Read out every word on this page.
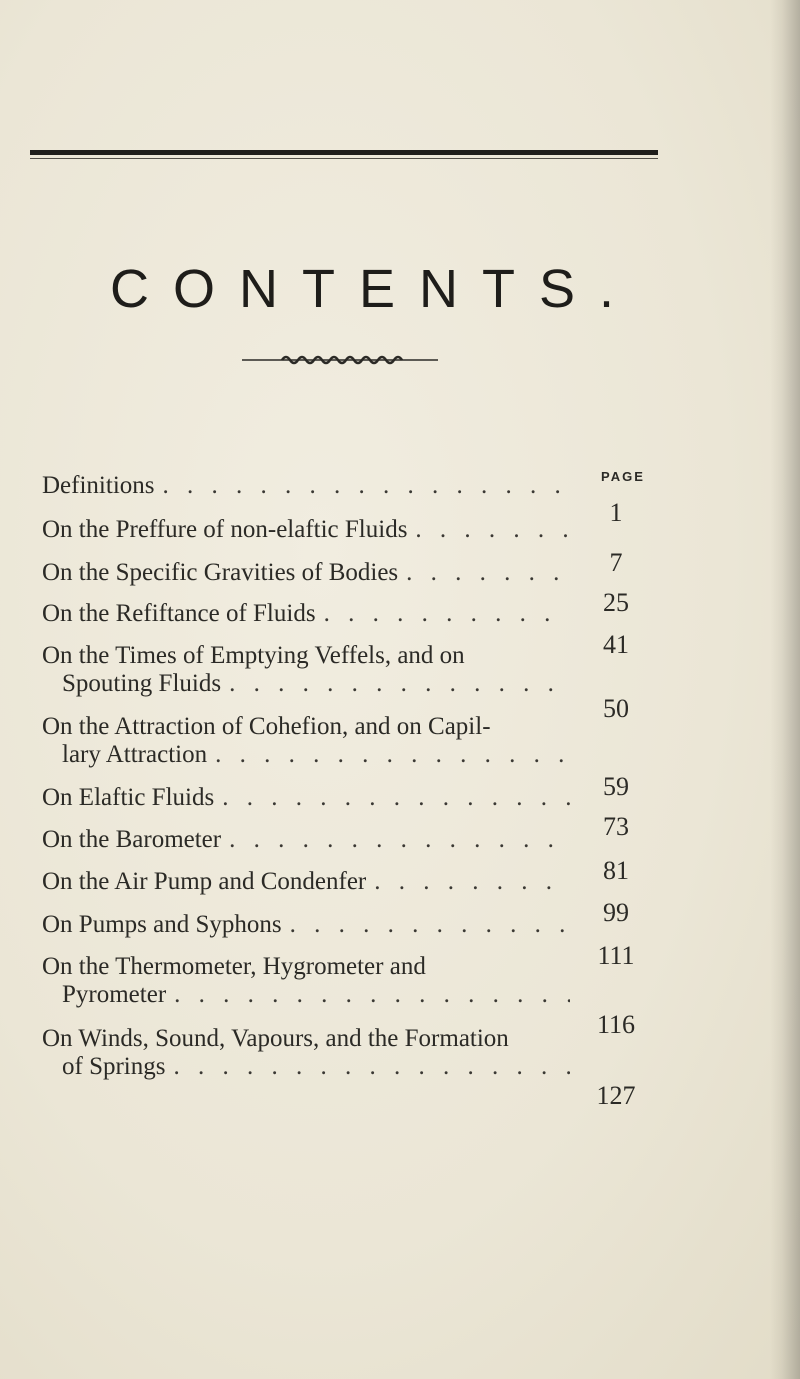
CONTENTS.
PAGE
Definitions
. . .
1
On the Preffure of non-elaftic Fluids
. . .
7
On the Specific Gravities of Bodies
. . .
25
On the Refiftance of Fluids
. . .
41
On the Times of Emptying Veffels, and on
Spouting Fluids
. . .
50
On the Attraction of Cohefion, and on Capil-
lary Attraction
. . .
59
On Elaftic Fluids
. . .
73
On the Barometer
. . .
81
On the Air Pump and Condenfer
. . .
99
On Pumps and Syphons
. . .
111
On the Thermometer, Hygrometer and
Pyrometer
. . .
116
On Winds, Sound, Vapours, and the Formation
of Springs
. . .
127
